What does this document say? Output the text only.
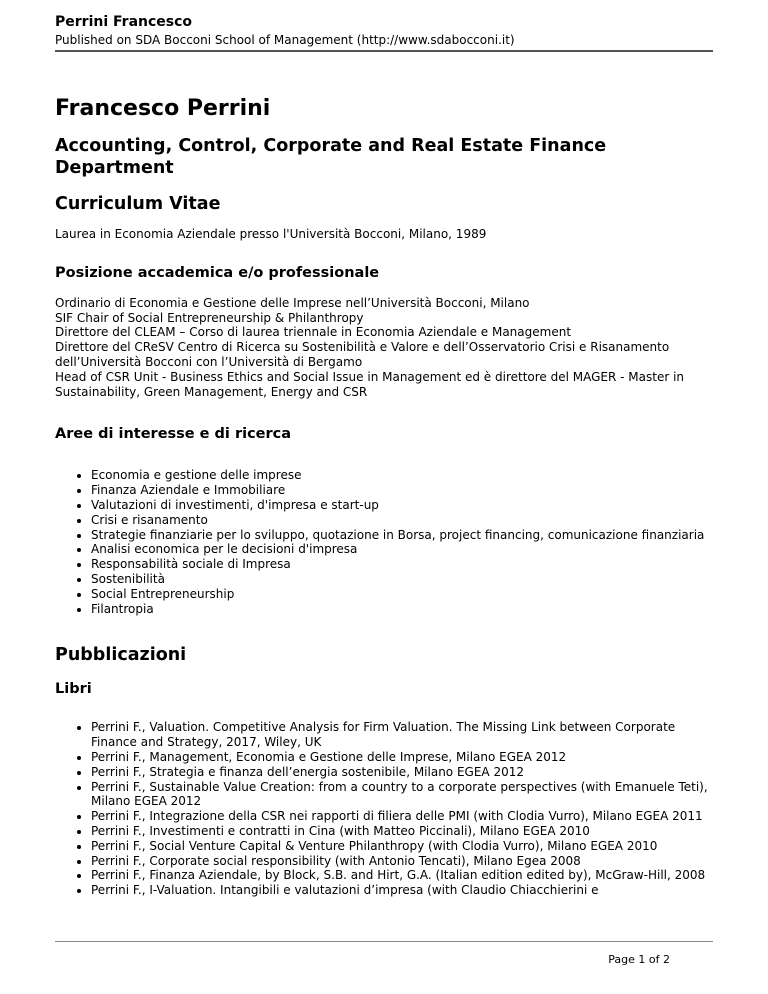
Perrini Francesco
Published on SDA Bocconi School of Management (http://www.sdabocconi.it)
Francesco Perrini
Accounting, Control, Corporate and Real Estate Finance Department
Curriculum Vitae

Laurea in Economia Aziendale presso l'Università Bocconi, Milano, 1989

Posizione accademica e/o professionale

Ordinario di Economia e Gestione delle Imprese nell’Università Bocconi, Milano
SIF Chair of Social Entrepreneurship & Philanthropy
Direttore del CLEAM – Corso di laurea triennale in Economia Aziendale e Management
Direttore del CReSV Centro di Ricerca su Sostenibilità e Valore e dell’Osservatorio Crisi e Risanamento dell’Università Bocconi con l’Università di Bergamo
Head of CSR Unit - Business Ethics and Social Issue in Management ed è direttore del MAGER - Master in Sustainability, Green Management, Energy and CSR

Aree di interesse e di ricerca
• Economia e gestione delle imprese
• Finanza Aziendale e Immobiliare
• Valutazioni di investimenti, d'impresa e start-up
• Crisi e risanamento
• Strategie finanziarie per lo sviluppo, quotazione in Borsa, project financing, comunicazione finanziaria
• Analisi economica per le decisioni d'impresa
• Responsabilità sociale di Impresa
• Sostenibilità
• Social Entrepreneurship
• Filantropia
Pubblicazioni
Libri
• Perrini F., Valuation. Competitive Analysis for Firm Valuation. The Missing Link between Corporate Finance and Strategy, 2017, Wiley, UK
• Perrini F., Management, Economia e Gestione delle Imprese, Milano EGEA 2012
• Perrini F., Strategia e finanza dell’energia sostenibile, Milano EGEA 2012
• Perrini F., Sustainable Value Creation: from a country to a corporate perspectives (with Emanuele Teti), Milano EGEA 2012
• Perrini F., Integrazione della CSR nei rapporti di filiera delle PMI (with Clodia Vurro), Milano EGEA 2011
• Perrini F., Investimenti e contratti in Cina (with Matteo Piccinali), Milano EGEA 2010
• Perrini F., Social Venture Capital & Venture Philanthropy (with Clodia Vurro), Milano EGEA 2010
• Perrini F., Corporate social responsibility (with Antonio Tencati), Milano Egea 2008
• Perrini F., Finanza Aziendale, by Block, S.B. and Hirt, G.A. (Italian edition edited by), McGraw-Hill, 2008
• Perrini F., I-Valuation. Intangibili e valutazioni d’impresa (with Claudio Chiacchierini e
Page 1 of 2
